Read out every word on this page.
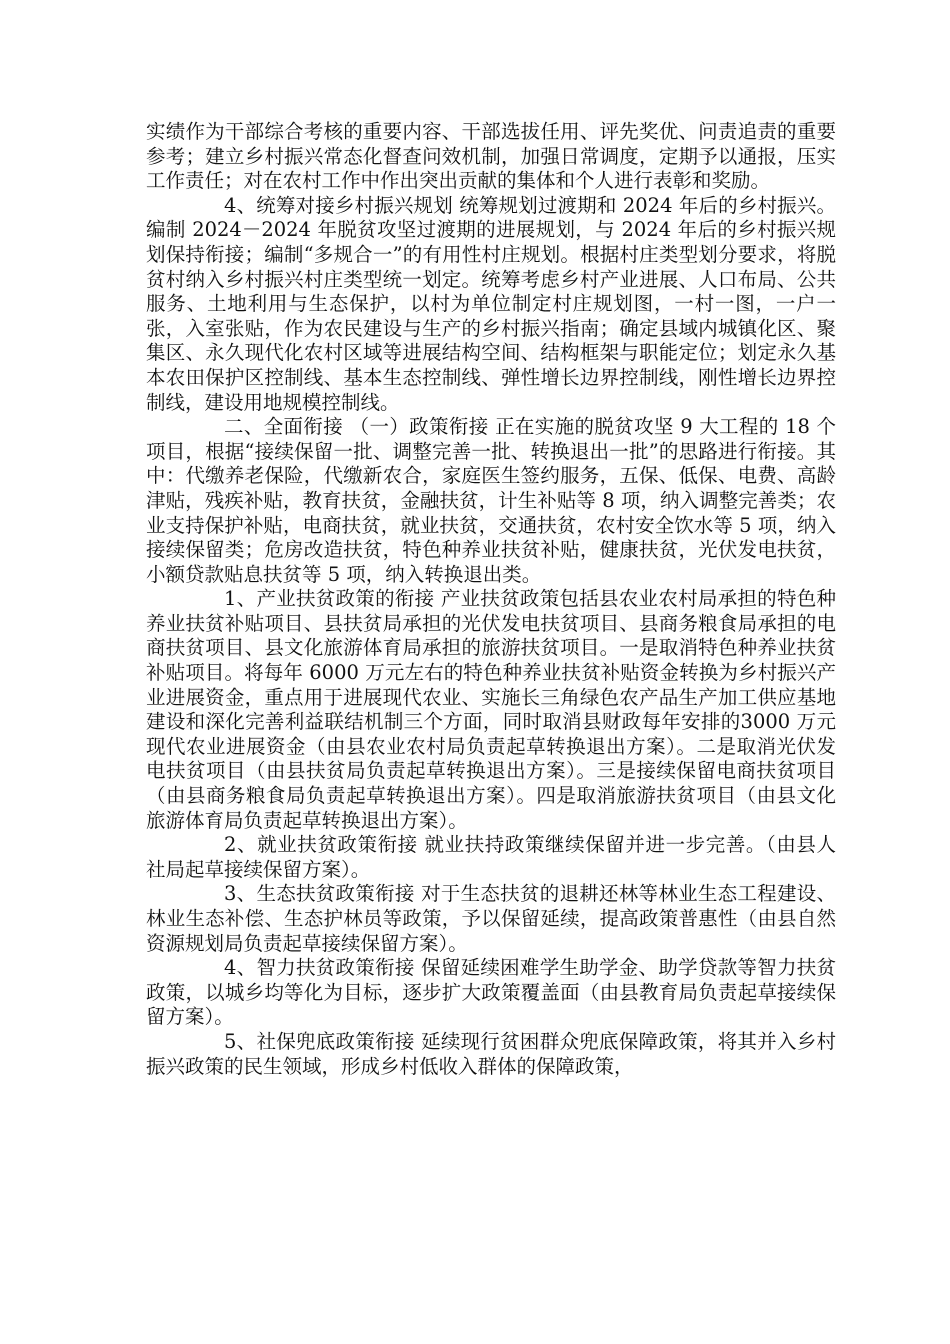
实绩作为干部综合考核的重要内容、干部选拔任用、评先奖优、问责追责的重要参考；建立乡村振兴常态化督查问效机制，加强日常调度，定期予以通报，压实工作责任；对在农村工作中作出突出贡献的集体和个人进行表彰和奖励。

4、统筹对接乡村振兴规划 统筹规划过渡期和 2024 年后的乡村振兴。编制 2024－2024 年脱贫攻坚过渡期的进展规划，与 2024 年后的乡村振兴规划保持衔接；编制“多规合一”的有用性村庄规划。根据村庄类型划分要求，将脱贫村纳入乡村振兴村庄类型统一划定。统筹考虑乡村产业进展、人口布局、公共服务、土地利用与生态保护，以村为单位制定村庄规划图，一村一图，一户一张，入室张贴，作为农民建设与生产的乡村振兴指南；确定县域内城镇化区、聚集区、永久现代化农村区域等进展结构空间、结构框架与职能定位；划定永久基本农田保护区控制线、基本生态控制线、弹性增长边界控制线，刚性增长边界控制线，建设用地规模控制线。

二、全面衔接 （一）政策衔接 正在实施的脱贫攻坚 9 大工程的 18 个项目，根据“接续保留一批、调整完善一批、转换退出一批”的思路进行衔接。其中：代缴养老保险，代缴新农合，家庭医生签约服务，五保、低保、电费、高龄津贴，残疾补贴，教育扶贫，金融扶贫，计生补贴等 8 项，纳入调整完善类；农业支持保护补贴，电商扶贫，就业扶贫，交通扶贫，农村安全饮水等 5 项，纳入接续保留类；危房改造扶贫，特色种养业扶贫补贴，健康扶贫，光伏发电扶贫，小额贷款贴息扶贫等 5 项，纳入转换退出类。

1、产业扶贫政策的衔接 产业扶贫政策包括县农业农村局承担的特色种养业扶贫补贴项目、县扶贫局承担的光伏发电扶贫项目、县商务粮食局承担的电商扶贫项目、县文化旅游体育局承担的旅游扶贫项目。一是取消特色种养业扶贫补贴项目。将每年 6000 万元左右的特色种养业扶贫补贴资金转换为乡村振兴产业进展资金，重点用于进展现代农业、实施长三角绿色农产品生产加工供应基地建设和深化完善利益联结机制三个方面，同时取消县财政每年安排的3000 万元现代农业进展资金（由县农业农村局负责起草转换退出方案）。二是取消光伏发电扶贫项目（由县扶贫局负责起草转换退出方案）。三是接续保留电商扶贫项目（由县商务粮食局负责起草转换退出方案）。四是取消旅游扶贫项目（由县文化旅游体育局负责起草转换退出方案）。

2、就业扶贫政策衔接 就业扶持政策继续保留并进一步完善。（由县人社局起草接续保留方案）。

3、生态扶贫政策衔接 对于生态扶贫的退耕还林等林业生态工程建设、林业生态补偿、生态护林员等政策，予以保留延续，提高政策普惠性（由县自然资源规划局负责起草接续保留方案）。

4、智力扶贫政策衔接 保留延续困难学生助学金、助学贷款等智力扶贫政策，以城乡均等化为目标，逐步扩大政策覆盖面（由县教育局负责起草接续保留方案）。

5、社保兜底政策衔接 延续现行贫困群众兜底保障政策，将其并入乡村振兴政策的民生领域，形成乡村低收入群体的保障政策，
